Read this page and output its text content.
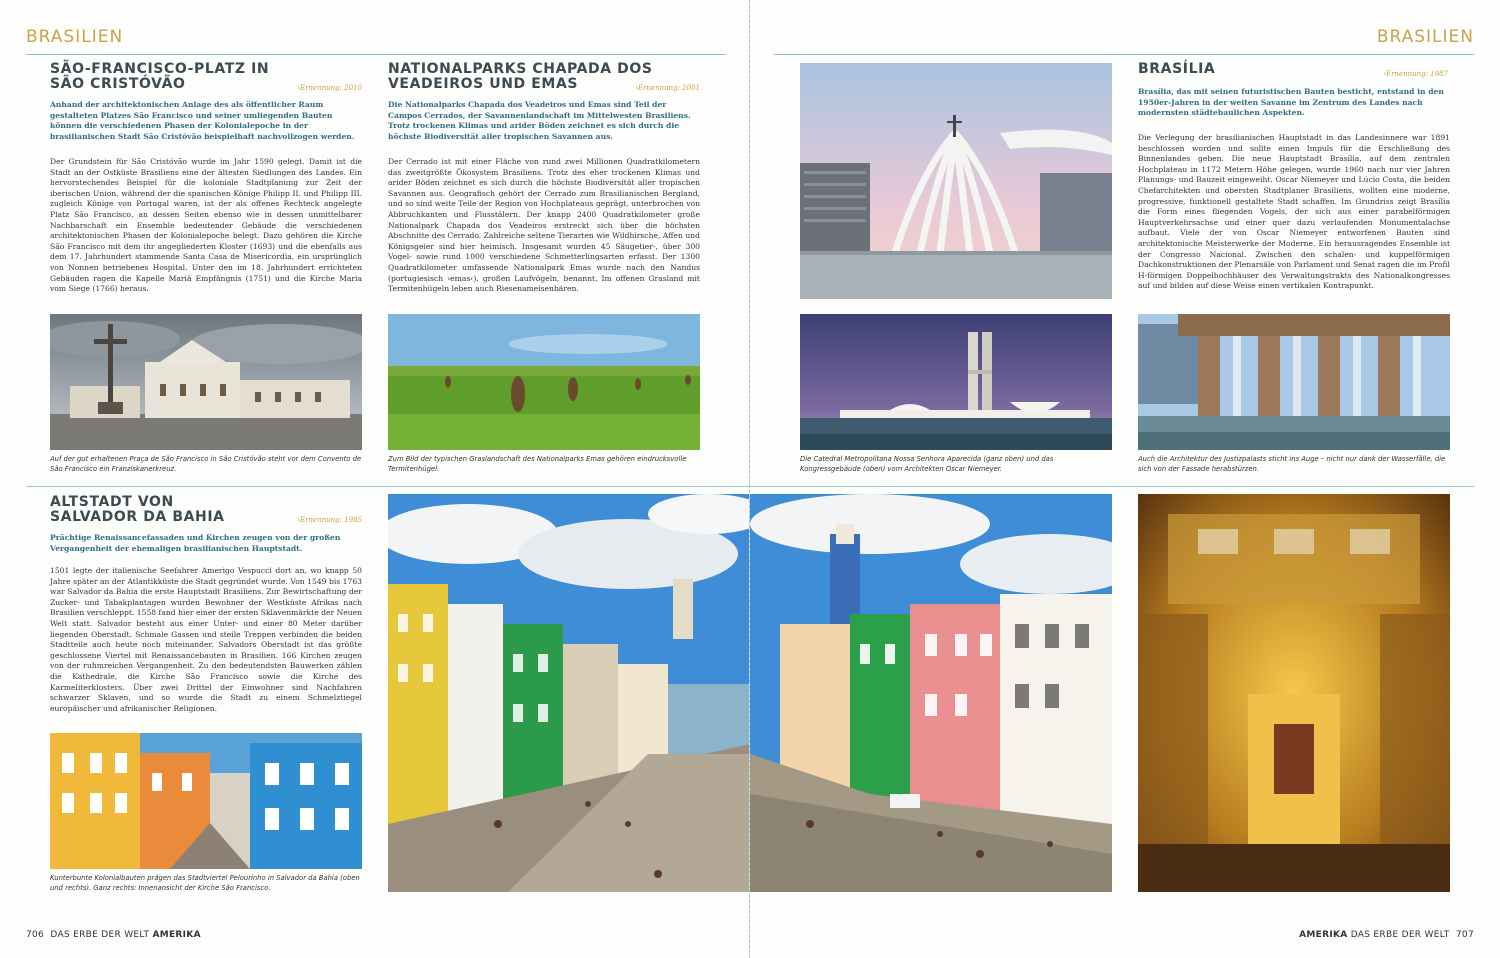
BRASILIEN
SÃO-FRANCISCO-PLATZ IN
SÃO CRISTÓVÃO	›Ernennung: 2010
Anhand der architektonischen Anlage des als öffentlicher Raum gestalteten Platzes São Francisco und seiner umliegenden Bauten können die verschiedenen Phasen der Kolonialepoche in der brasilianischen Stadt São Cristóvão beispielhaft nachvollzogen werden.
Der Grundstein für São Cristóvão wurde im Jahr 1590 gelegt. Damit ist die Stadt an der Ostküste Brasiliens eine der ältesten Siedlungen des Landes. Ein hervorstechendes Beispiel für die koloniale Stadtplanung zur Zeit der iberischen Union, während der die spanischen Könige Philipp II. und Philipp III. zugleich Könige von Portugal waren, ist der als offenes Rechteck angelegte Platz São Francisco, an dessen Seiten ebenso wie in dessen unmittelbarer Nachbarschaft ein Ensemble bedeutender Gebäude die verschiedenen architektonischen Phasen der Kolonialepoche belegt. Dazu gehören die Kirche São Francisco mit dem ihr angegliederten Kloster (1693) und die ebenfalls aus dem 17. Jahrhundert stammende Santa Casa de Misericordia, ein ursprünglich von Nonnen betriebenes Hospital. Unter den im 18. Jahrhundert errichteten Gebäuden ragen die Kapelle Mariä Empfängnis (1751) und die Kirche Maria vom Siege (1766) heraus.
Auf der gut erhaltenen Praça de São Francisco in São Cristóvão steht vor dem Convento de São Francisco ein Franziskanerkreuz.
NATIONALPARKS CHAPADA DOS
VEADEIROS UND EMAS	›Ernennung: 2001
Die Nationalparks Chapada dos Veadeiros und Emas sind Teil der Campos Cerrados, der Savannenlandschaft im Mittelwesten Brasiliens. Trotz trockenen Klimas und arider Böden zeichnet es sich durch die höchste Biodiversität aller tropischen Savannen aus.
Der Cerrado ist mit einer Fläche von rund zwei Millionen Quadratkilometern das zweitgrößte Ökosystem Brasiliens. Trotz des eher trockenen Klimas und arider Böden zeichnet es sich durch die höchste Biodiversität aller tropischen Savannen aus. Geografisch gehört der Cerrado zum Brasilianischen Bergland, und so sind weite Teile der Region von Hochplateaus geprägt, unterbrochen von Abbruchkanten und Flusstälern. Der knapp 2400 Quadratkilometer große Nationalpark Chapada dos Veadeiros erstreckt sich über die höchsten Abschnitte des Cerrado. Zahlreiche seltene Tierarten wie Wildhirsche, Affen und Königsgeier sind hier heimisch. Insgesamt wurden 45 Säugetier-, über 300 Vogel- sowie rund 1000 verschiedene Schmetterlingsarten erfasst. Der 1300 Quadratkilometer umfassende Nationalpark Emas wurde nach den Nandus (portugiesisch ›emas‹), großen Laufvögeln, benannt. Im offenen Grasland mit Termitenhügeln leben auch Riesenameisenbären.
Zum Bild der typischen Graslandschaft des Nationalparks Emas gehören eindrucksvolle Termitenhügel.
ALTSTADT VON
SALVADOR DA BAHIA	›Ernennung: 1985
Prächtige Renaissancefassaden und Kirchen zeugen von der großen Vergangenheit der ehemaligen brasilianischen Hauptstadt.
1501 legte der italienische Seefahrer Amerigo Vespucci dort an, wo knapp 50 Jahre später an der Atlantikküste die Stadt gegründet wurde. Von 1549 bis 1763 war Salvador da Bahia die erste Hauptstadt Brasiliens. Zur Bewirtschaftung der Zucker- und Tabakplantagen wurden Bewohner der Westküste Afrikas nach Brasilien verschleppt. 1558 fand hier einer der ersten Sklavenmärkte der Neuen Welt statt. Salvador besteht aus einer Unter- und einer 80 Meter darüber liegenden Oberstadt. Schmale Gassen und steile Treppen verbinden die beiden Stadtteile auch heute noch miteinander. Salvadors Oberstadt ist das größte geschlossene Viertel mit Renaissancebauten in Brasilien. 166 Kirchen zeugen von der ruhmreichen Vergangenheit. Zu den bedeutendsten Bauwerken zählen die Kathedrale, die Kirche São Francisco sowie die Kirche des Karmeliterklosters. Über zwei Drittel der Einwohner sind Nachfahren schwarzer Sklaven, und so wurde die Stadt zu einem Schmelztiegel europäischer und afrikanischer Religionen.
Kunterbunte Kolonialbauten prägen das Stadtviertel Pelourinho in Salvador da Bahia (oben und rechts). Ganz rechts: Innenansicht der Kirche São Francisco.
706 DAS ERBE DER WELT AMERIKA
BRASILIEN
BRASÍLIA	›Ernennung: 1987
Brasília, das mit seinen futuristischen Bauten besticht, entstand in den 1950er-Jahren in der weiten Savanne im Zentrum des Landes nach modernsten städtebaulichen Aspekten.
Die Verlegung der brasilianischen Hauptstadt in das Landesinnere war 1891 beschlossen worden und sollte einen Impuls für die Erschließung des Binnenlandes geben. Die neue Hauptstadt Brasília, auf dem zentralen Hochplateau in 1172 Metern Höhe gelegen, wurde 1960 nach nur vier Jahren Planungs- und Bauzeit eingeweiht. Oscar Niemeyer und Lúcio Costa, die beiden Chefarchitekten und obersten Stadtplaner Brasiliens, wollten eine moderne, progressive, funktionell gestaltete Stadt schaffen. Im Grundriss zeigt Brasília die Form eines fliegenden Vogels, der sich aus einer parabelförmigen Hauptverkehrsachse und einer quer dazu verlaufenden Monumentalachse aufbaut. Viele der von Oscar Niemeyer entworfenen Bauten sind architektonische Meisterwerke der Moderne. Ein herausragendes Ensemble ist der Congresso Nacional. Zwischen den schalen- und kuppelförmigen Dachkonstruktionen der Plenarsäle von Parlament und Senat ragen die im Profil H-förmigen Doppelhochhäuser des Verwaltungstrakts des Nationalkongresses auf und bilden auf diese Weise einen vertikalen Kontrapunkt.
Die Catedral Metropolitana Nossa Senhora Aparecida (ganz oben) und das Kongressgebäude (oben) vom Architekten Oscar Niemeyer.
Auch die Architektur des Justizpalasts sticht ins Auge – nicht nur dank der Wasserfälle, die sich von der Fassade herabstürzen.
AMERIKA DAS ERBE DER WELT 707
